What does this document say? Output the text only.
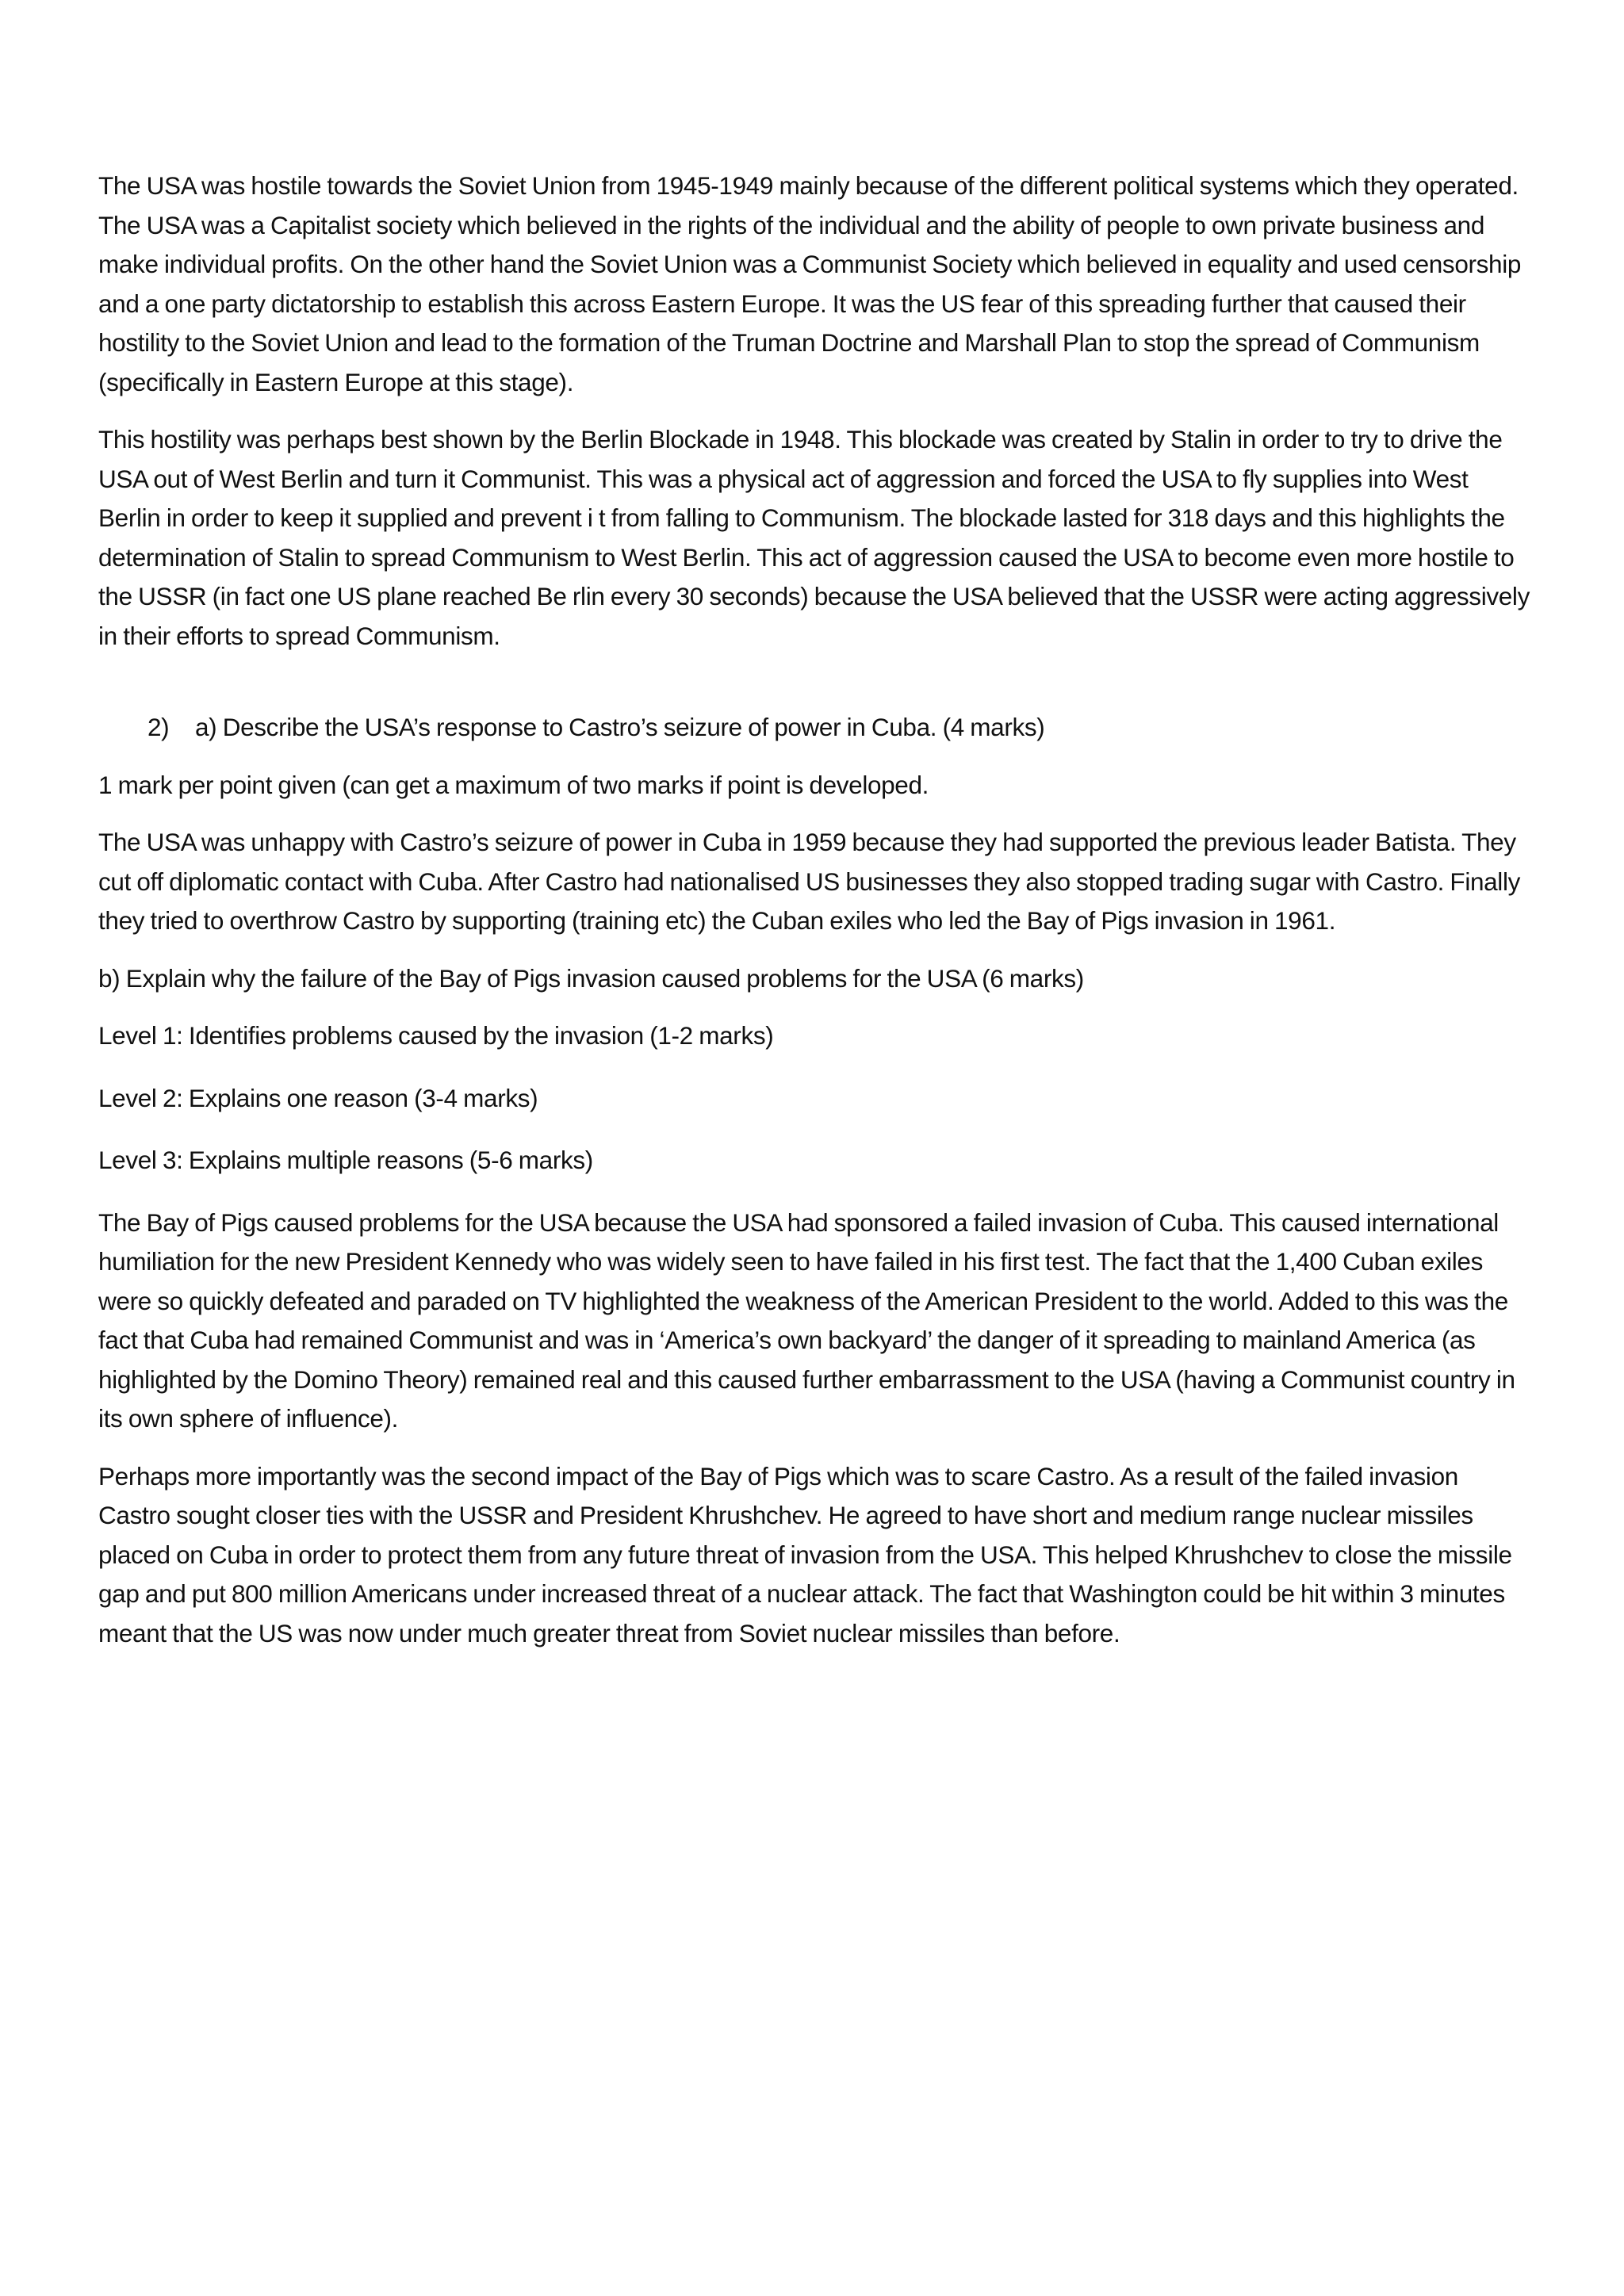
The USA was hostile towards the Soviet Union from 1945-1949 mainly because of the different political systems which they operated. The USA was a Capitalist society which believed in the rights of the individual and the ability of people to own private business and make individual profits. On the other hand the Soviet Union was a Communist Society which believed in equality and used censorship and a one party dictatorship to establish this across Eastern Europe. It was the US fear of this spreading further that caused their hostility to the Soviet Union and lead to the formation of the Truman Doctrine and Marshall Plan to stop the spread of Communism (specifically in Eastern Europe at this stage).

This hostility was perhaps best shown by the Berlin Blockade in 1948. This blockade was created by Stalin in order to try to drive the USA out of West Berlin and turn it Communist. This was a physical act of aggression and forced the USA to fly supplies into West Berlin in order to keep it supplied and prevent i t from falling to Communism. The blockade lasted for 318 days and this highlights the determination of Stalin to spread Communism to West Berlin. This act of aggression caused the USA to become even more hostile to the USSR (in fact one US plane reached Be rlin every 30 seconds) because the USA believed that the USSR were acting aggressively in their efforts to spread Communism.

2)	a) Describe the USA’s response to Castro’s seizure of power in Cuba. (4 marks)

1 mark per point given (can get a maximum of two marks if point is developed.

The USA was unhappy with Castro’s seizure of power in Cuba in 1959 because they had supported the previous leader Batista. They cut off diplomatic contact with Cuba. After Castro had nationalised US businesses they also stopped trading sugar with Castro. Finally they tried to overthrow Castro by supporting (training etc) the Cuban exiles who led the Bay of Pigs invasion in 1961.

b) Explain why the failure of the Bay of Pigs invasion caused problems for the USA (6 marks)

Level 1: Identifies problems caused by the invasion (1-2 marks)

Level 2: Explains one reason (3-4 marks)

Level 3: Explains multiple reasons (5-6 marks)

The Bay of Pigs caused problems for the USA because the USA had sponsored a failed invasion of Cuba. This caused international humiliation for the new President Kennedy who was widely seen to have failed in his first test. The fact that the 1,400 Cuban exiles were so quickly defeated and paraded on TV highlighted the weakness of the American President to the world. Added to this was the fact that Cuba had remained Communist and was in ‘America’s own backyard’ the danger of it spreading to mainland America (as highlighted by the Domino Theory) remained real and this caused further embarrassment to the USA (having a Communist country in its own sphere of influence).

Perhaps more importantly was the second impact of the Bay of Pigs which was to scare Castro. As a result of the failed invasion Castro sought closer ties with the USSR and President Khrushchev. He agreed to have short and medium range nuclear missiles placed on Cuba in order to protect them from any future threat of invasion from the USA. This helped Khrushchev to close the missile gap and put 800 million Americans under increased threat of a nuclear attack. The fact that Washington could be hit within 3 minutes meant that the US was now under much greater threat from Soviet nuclear missiles than before.
